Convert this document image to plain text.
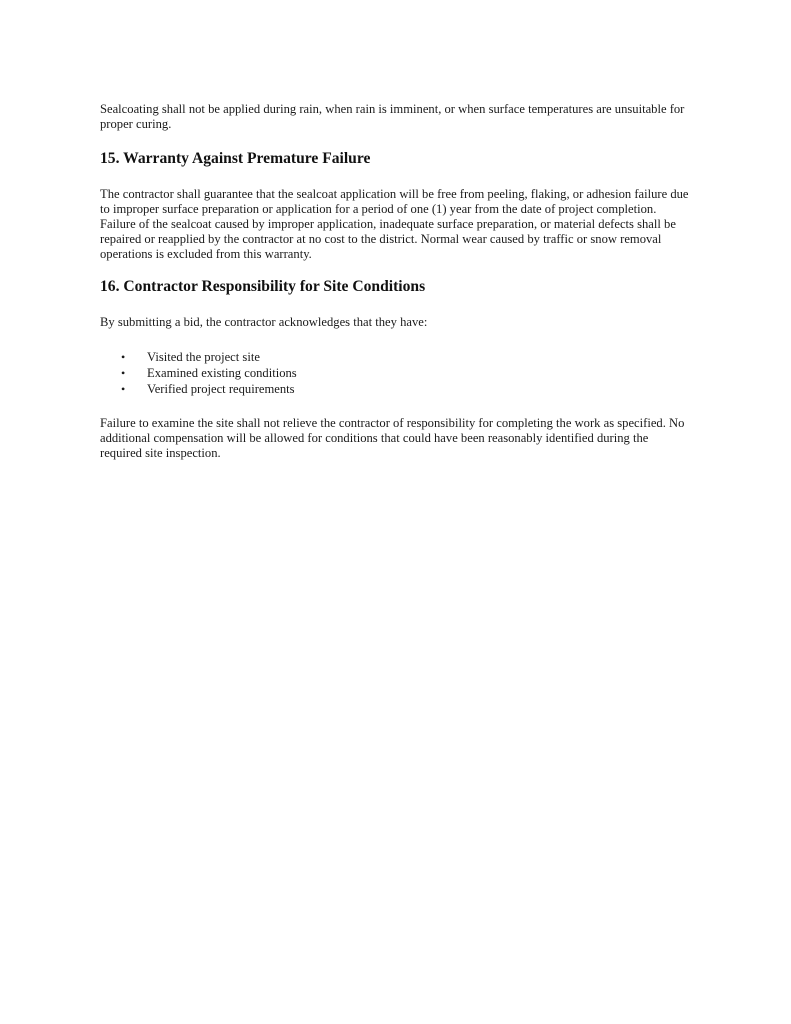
Sealcoating shall not be applied during rain, when rain is imminent, or when surface temperatures are unsuitable for
proper curing.

15. Warranty Against Premature Failure

The contractor shall guarantee that the sealcoat application will be free from peeling, flaking, or adhesion failure due
to improper surface preparation or application for a period of one (1) year from the date of project completion.
Failure of the sealcoat caused by improper application, inadequate surface preparation, or material defects shall be
repaired or reapplied by the contractor at no cost to the district. Normal wear caused by traffic or snow removal
operations is excluded from this warranty.

16. Contractor Responsibility for Site Conditions

By submitting a bid, the contractor acknowledges that they have:

• Visited the project site
• Examined existing conditions
• Verified project requirements

Failure to examine the site shall not relieve the contractor of responsibility for completing the work as specified. No
additional compensation will be allowed for conditions that could have been reasonably identified during the
required site inspection.
